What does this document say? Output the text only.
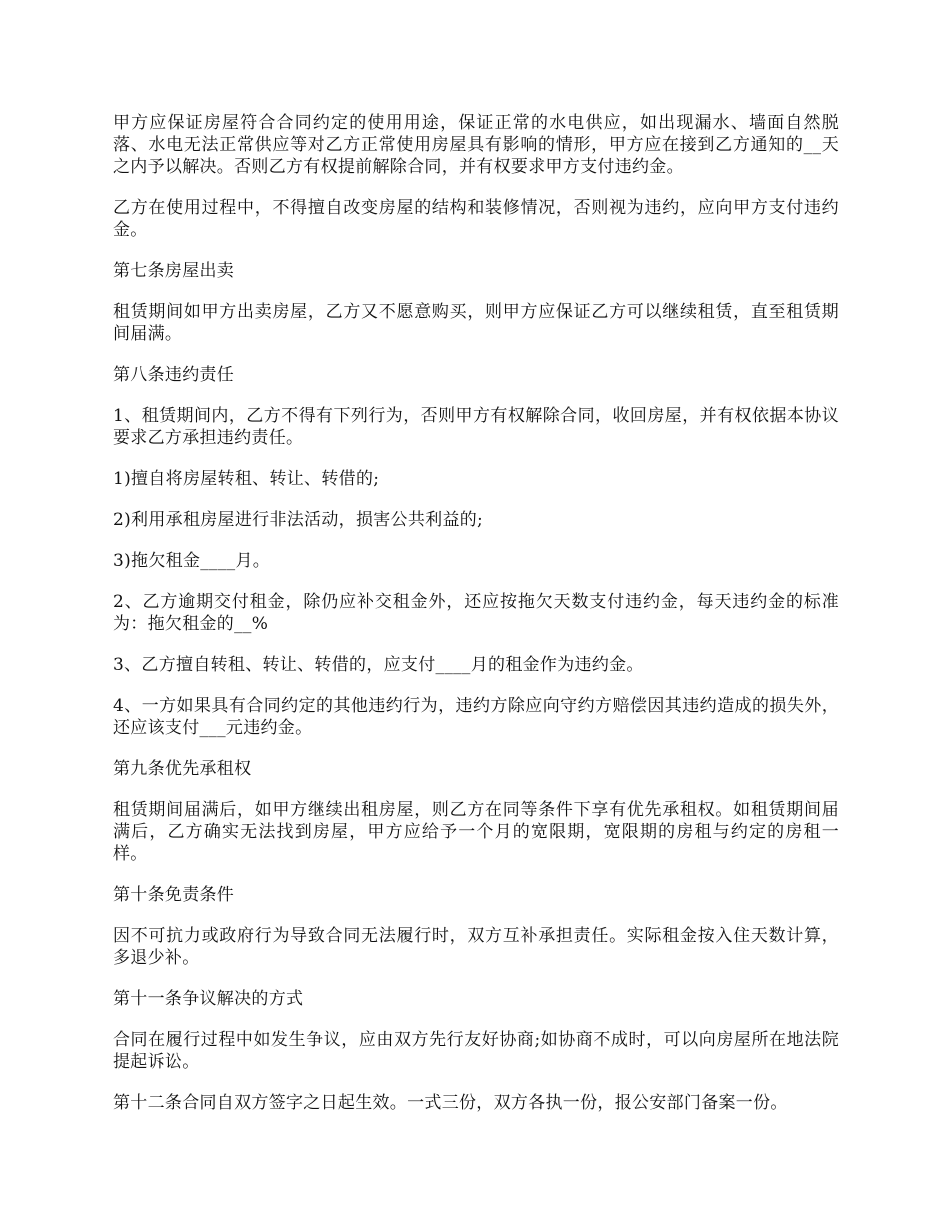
甲方应保证房屋符合合同约定的使用用途，保证正常的水电供应，如出现漏水、墙面自然脱落、水电无法正常供应等对乙方正常使用房屋具有影响的情形，甲方应在接到乙方通知的__天之内予以解决。否则乙方有权提前解除合同，并有权要求甲方支付违约金。

乙方在使用过程中，不得擅自改变房屋的结构和装修情况，否则视为违约，应向甲方支付违约金。

第七条房屋出卖

租赁期间如甲方出卖房屋，乙方又不愿意购买，则甲方应保证乙方可以继续租赁，直至租赁期间届满。

第八条违约责任

1、租赁期间内，乙方不得有下列行为，否则甲方有权解除合同，收回房屋，并有权依据本协议要求乙方承担违约责任。

1)擅自将房屋转租、转让、转借的;

2)利用承租房屋进行非法活动，损害公共利益的;

3)拖欠租金____月。

2、乙方逾期交付租金，除仍应补交租金外，还应按拖欠天数支付违约金，每天违约金的标准为：拖欠租金的__%

3、乙方擅自转租、转让、转借的，应支付____月的租金作为违约金。

4、一方如果具有合同约定的其他违约行为，违约方除应向守约方赔偿因其违约造成的损失外，还应该支付___元违约金。

第九条优先承租权

租赁期间届满后，如甲方继续出租房屋，则乙方在同等条件下享有优先承租权。如租赁期间届满后，乙方确实无法找到房屋，甲方应给予一个月的宽限期，宽限期的房租与约定的房租一样。

第十条免责条件

因不可抗力或政府行为导致合同无法履行时，双方互补承担责任。实际租金按入住天数计算，多退少补。

第十一条争议解决的方式

合同在履行过程中如发生争议，应由双方先行友好协商;如协商不成时，可以向房屋所在地法院提起诉讼。

第十二条合同自双方签字之日起生效。一式三份，双方各执一份，报公安部门备案一份。
